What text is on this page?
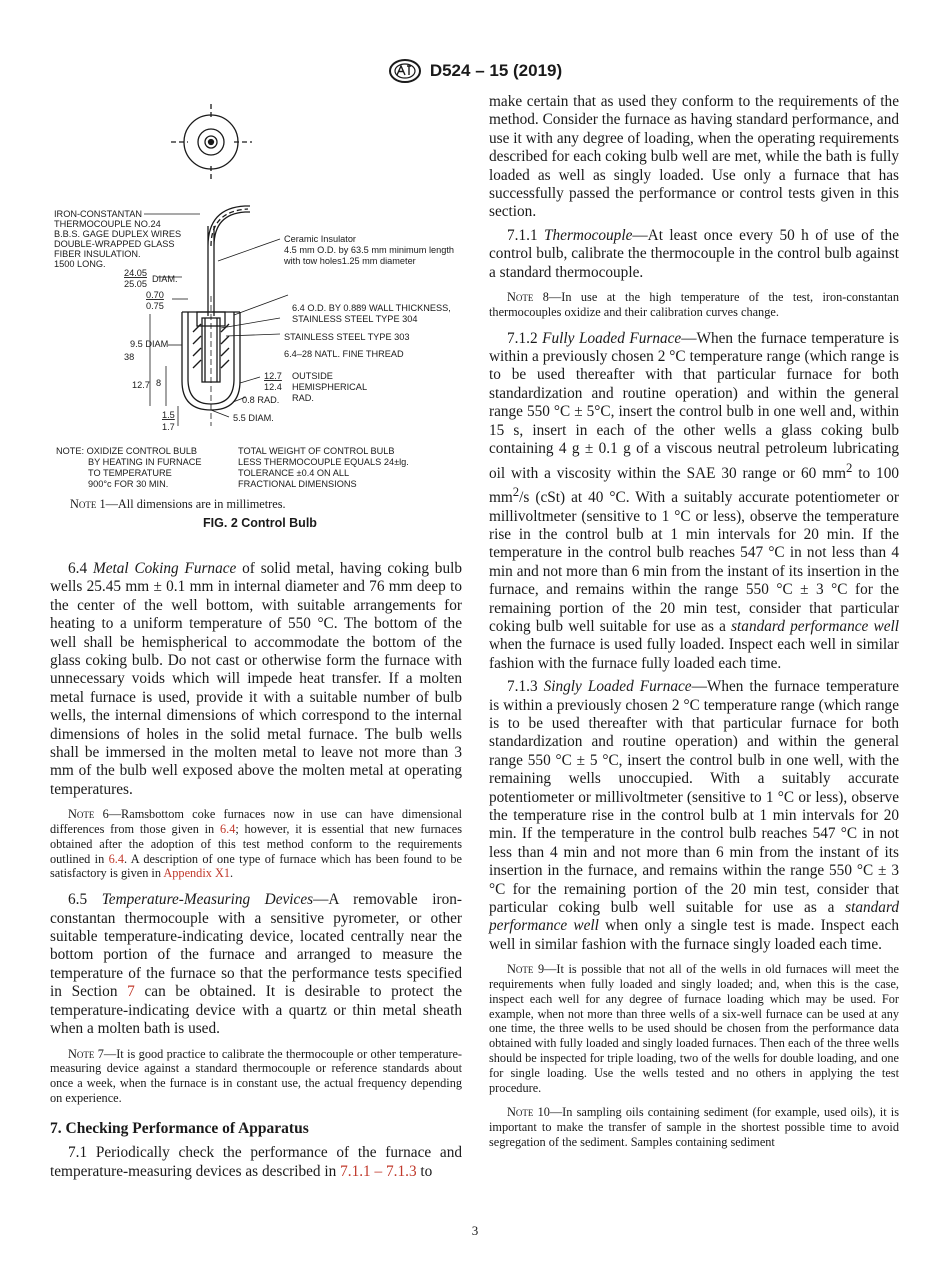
D524 – 15 (2019)
IRON-CONSTANTAN
THERMOCOUPLE NO.24
B.B.S. GAGE DUPLEX WIRES
DOUBLE-WRAPPED GLASS
FIBER INSULATION.
1500 LONG.
Ceramic Insulator
4.5 mm O.D. by 63.5 mm minimum length
with tow holes1.25 mm diameter
24.05
25.05 DIAM.
0.70
0.75	6.4 O.D. BY 0.889 WALL THICKNESS,
STAINLESS STEEL TYPE 304
STAINLESS STEEL TYPE 303
6.4–28 NATL. FINE THREAD
9.5 DIAM
38
12.7 8
12.7
12.4
OUTSIDE
HEMISPHERICAL
RAD.
0.8 RAD.
1.5
1.7
5.5 DIAM.
NOTE: OXIDIZE CONTROL BULB
BY HEATING IN FURNACE
TO TEMPERATURE
900°c FOR 30 MIN.
TOTAL WEIGHT OF CONTROL BULB
LESS THERMOCOUPLE EQUALS 24±lg.
TOLERANCE ±0.4 ON ALL
FRACTIONAL DIMENSIONS
Note 1—All dimensions are in millimetres.
FIG. 2 Control Bulb

6.4 Metal Coking Furnace of solid metal, having coking bulb wells 25.45 mm ± 0.1 mm in internal diameter and 76 mm deep to the center of the well bottom, with suitable arrangements for heating to a uniform temperature of 550 °C. The bottom of the well shall be hemispherical to accommodate the bottom of the glass coking bulb. Do not cast or otherwise form the furnace with unnecessary voids which will impede heat transfer. If a molten metal furnace is used, provide it with a suitable number of bulb wells, the internal dimensions of which correspond to the internal dimensions of holes in the solid metal furnace. The bulb wells shall be immersed in the molten metal to leave not more than 3 mm of the bulb well exposed above the molten metal at operating temperatures.

Note 6—Ramsbottom coke furnaces now in use can have dimensional differences from those given in 6.4; however, it is essential that new furnaces obtained after the adoption of this test method conform to the requirements outlined in 6.4. A description of one type of furnace which has been found to be satisfactory is given in Appendix X1.

6.5 Temperature-Measuring Devices—A removable iron-constantan thermocouple with a sensitive pyrometer, or other suitable temperature-indicating device, located centrally near the bottom portion of the furnace and arranged to measure the temperature of the furnace so that the performance tests specified in Section 7 can be obtained. It is desirable to protect the temperature-indicating device with a quartz or thin metal sheath when a molten bath is used.

Note 7—It is good practice to calibrate the thermocouple or other temperature-measuring device against a standard thermocouple or reference standards about once a week, when the furnace is in constant use, the actual frequency depending on experience.
7. Checking Performance of Apparatus

7.1 Periodically check the performance of the furnace and temperature-measuring devices as described in 7.1.1 – 7.1.3 to

make certain that as used they conform to the requirements of the method. Consider the furnace as having standard performance, and use it with any degree of loading, when the operating requirements described for each coking bulb well are met, while the bath is fully loaded as well as singly loaded. Use only a furnace that has successfully passed the performance or control tests given in this section.

7.1.1 Thermocouple—At least once every 50 h of use of the control bulb, calibrate the thermocouple in the control bulb against a standard thermocouple.

Note 8—In use at the high temperature of the test, iron-constantan thermocouples oxidize and their calibration curves change.

7.1.2 Fully Loaded Furnace—When the furnace temperature is within a previously chosen 2 °C temperature range (which range is to be used thereafter with that particular furnace for both standardization and routine operation) and within the general range 550 °C ± 5°C, insert the control bulb in one well and, within 15 s, insert in each of the other wells a glass coking bulb containing 4 g ± 0.1 g of a viscous neutral petroleum lubricating oil with a viscosity within the SAE 30 range or 60 $mm^2$ to 100 $mm^2/s$ (cSt) at 40 °C. With a suitably accurate potentiometer or millivoltmeter (sensitive to 1 °C or less), observe the temperature rise in the control bulb at 1 min intervals for 20 min. If the temperature in the control bulb reaches 547 °C in not less than 4 min and not more than 6 min from the instant of its insertion in the furnace, and remains within the range 550 °C ± 3 °C for the remaining portion of the 20 min test, consider that particular coking bulb well suitable for use as a standard performance well when the furnace is used fully loaded. Inspect each well in similar fashion with the furnace fully loaded each time.

7.1.3 Singly Loaded Furnace—When the furnace temperature is within a previously chosen 2 °C temperature range (which range is to be used thereafter with that particular furnace for both standardization and routine operation) and within the general range 550 °C ± 5 °C, insert the control bulb in one well, with the remaining wells unoccupied. With a suitably accurate potentiometer or millivoltmeter (sensitive to 1 °C or less), observe the temperature rise in the control bulb at 1 min intervals for 20 min. If the temperature in the control bulb reaches 547 °C in not less than 4 min and not more than 6 min from the instant of its insertion in the furnace, and remains within the range 550 °C ± 3 °C for the remaining portion of the 20 min test, consider that particular coking bulb well suitable for use as a standard performance well when only a single test is made. Inspect each well in similar fashion with the furnace singly loaded each time.

Note 9—It is possible that not all of the wells in old furnaces will meet the requirements when fully loaded and singly loaded; and, when this is the case, inspect each well for any degree of furnace loading which may be used. For example, when not more than three wells of a six-well furnace can be used at any one time, the three wells to be used should be chosen from the performance data obtained with fully loaded and singly loaded furnaces. Then each of the three wells should be inspected for triple loading, two of the wells for double loading, and one for single loading. Use the wells tested and no others in applying the test procedure.
Note 10—In sampling oils containing sediment (for example, used oils), it is important to make the transfer of sample in the shortest possible time to avoid segregation of the sediment. Samples containing sediment
3
